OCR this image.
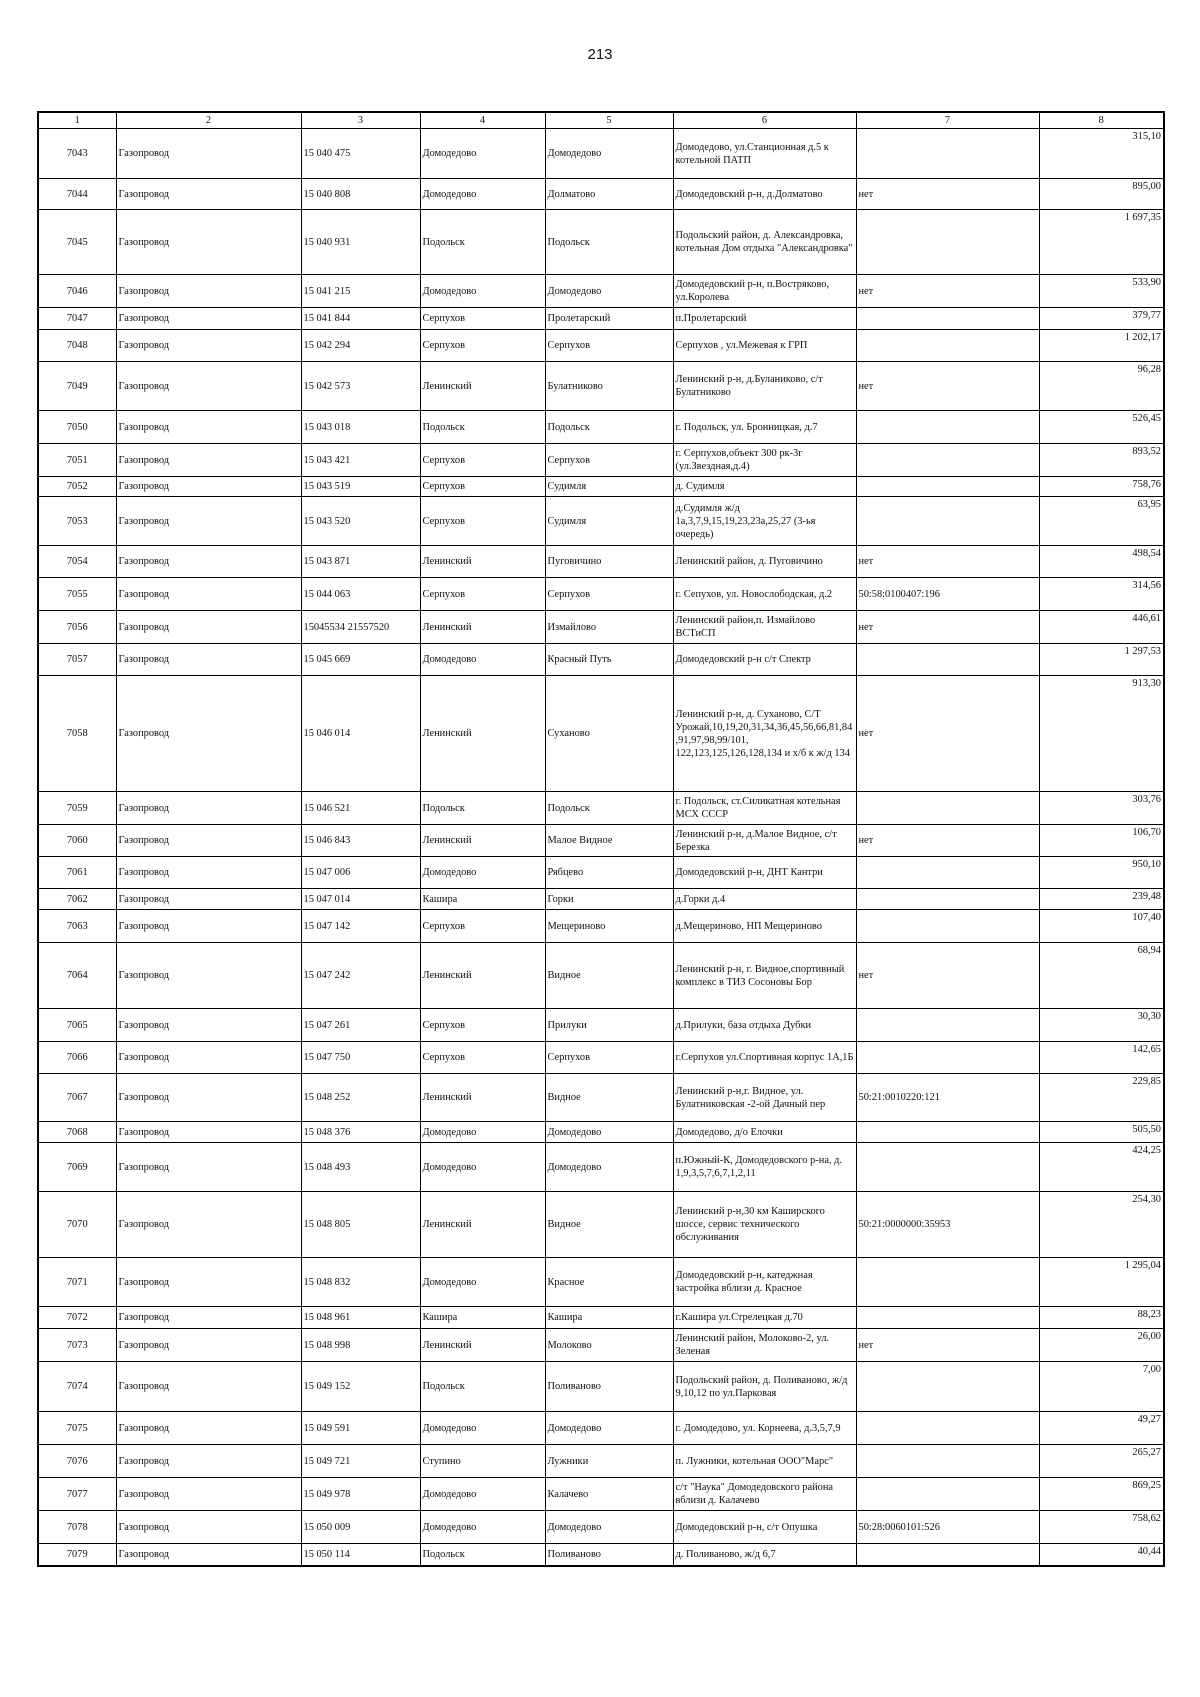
213
1	2	3	4	5	6	7	8
7043	Газопровод	15 040 475	Домодедово	Домодедово	Домодедово, ул.Станционная д.5 к котельной ПАТП		315,10
7044	Газопровод	15 040 808	Домодедово	Долматово	Домодедовский р-н, д.Долматово	нет	895,00
7045	Газопровод	15 040 931	Подольск	Подольск	Подольский район, д. Александровка, котельная Дом отдыха "Александровка"		1 697,35
7046	Газопровод	15 041 215	Домодедово	Домодедово	Домодедовский р-н, п.Востряково, ул.Королева	нет	533,90
7047	Газопровод	15 041 844	Серпухов	Пролетарский	п.Пролетарский		379,77
7048	Газопровод	15 042 294	Серпухов	Серпухов	Серпухов , ул.Межевая к ГРП		1 202,17
7049	Газопровод	15 042 573	Ленинский	Булатниково	Ленинский р-н, д.Буланиково, с/т Булатниково	нет	96,28
7050	Газопровод	15 043 018	Подольск	Подольск	г. Подольск, ул. Бронницкая, д.7		526,45
7051	Газопровод	15 043 421	Серпухов	Серпухов	г. Серпухов,объект 300 рк-3г (ул.Звездная,д.4)		893,52
7052	Газопровод	15 043 519	Серпухов	Судимля	д. Судимля		758,76
7053	Газопровод	15 043 520	Серпухов	Судимля	д.Судимля ж/д 1а,3,7,9,15,19,23,23а,25,27 (3-ья очередь)		63,95
7054	Газопровод	15 043 871	Ленинский	Пуговичино	Ленинский район, д. Пуговичино	нет	498,54
7055	Газопровод	15 044 063	Серпухов	Серпухов	г. Сепухов, ул. Новослободская, д.2	50:58:0100407:196	314,56
7056	Газопровод	15045534 21557520	Ленинский	Измайлово	Ленинский район,п. Измайлово ВСТиСП	нет	446,61
7057	Газопровод	15 045 669	Домодедово	Красный Путь	Домодедовский р-н с/т Спектр		1 297,53
7058	Газопровод	15 046 014	Ленинский	Суханово	Ленинский р-н, д. Суханово, С/Т Урожай,10,19,20,31,34,36,45,56,66,81,84,91,97,98,99/101, 122,123,125,126,128,134 и х/б к ж/д 134	нет	913,30
7059	Газопровод	15 046 521	Подольск	Подольск	г. Подольск, ст.Силикатная котельная МСХ СССР		303,76
7060	Газопровод	15 046 843	Ленинский	Малое Видное	Ленинский р-н, д.Малое Видное, с/т Березка	нет	106,70
7061	Газопровод	15 047 006	Домодедово	Рябцево	Домодедовский р-н, ДНТ Кантри		950,10
7062	Газопровод	15 047 014	Кашира	Горки	д.Горки д.4		239,48
7063	Газопровод	15 047 142	Серпухов	Мещериново	д.Мещериново, НП Мещериново		107,40
7064	Газопровод	15 047 242	Ленинский	Видное	Ленинский р-н, г. Видное,спортивный комплекс в ТИЗ Сосоновы Бор	нет	68,94
7065	Газопровод	15 047 261	Серпухов	Прилуки	д.Прилуки, база отдыха Дубки		30,30
7066	Газопровод	15 047 750	Серпухов	Серпухов	г.Серпухов ул.Спортивная корпус 1А,1Б		142,65
7067	Газопровод	15 048 252	Ленинский	Видное	Ленинский р-н,г. Видное, ул. Булатниковская -2-ой Дачный пер	50:21:0010220:121	229,85
7068	Газопровод	15 048 376	Домодедово	Домодедово	Домодедово, д/о Елочки		505,50
7069	Газопровод	15 048 493	Домодедово	Домодедово	п.Южный-К, Домодедовского р-на, д. 1,9,3,5,7,6,7,1,2,11		424,25
7070	Газопровод	15 048 805	Ленинский	Видное	Ленинский р-н,30 км Каширского шоссе, сервис технического обслуживания	50:21:0000000:35953	254,30
7071	Газопровод	15 048 832	Домодедово	Красное	Домодедовский р-н, катеджная застройка вблизи д. Красное		1 295,04
7072	Газопровод	15 048 961	Кашира	Кашира	г.Кашира ул.Стрелецкая д.70		88,23
7073	Газопровод	15 048 998	Ленинский	Молоково	Ленинский район, Молоково-2, ул. Зеленая	нет	26,00
7074	Газопровод	15 049 152	Подольск	Поливаново	Подольский район, д. Поливаново, ж/д 9,10,12 по ул.Парковая		7,00
7075	Газопровод	15 049 591	Домодедово	Домодедово	г. Домодедово, ул. Корнеева, д.3,5,7,9		49,27
7076	Газопровод	15 049 721	Ступино	Лужники	п. Лужники, котельная ООО"Марс"		265,27
7077	Газопровод	15 049 978	Домодедово	Калачево	с/т "Наука" Домодедовского района вблизи д. Калачево		869,25
7078	Газопровод	15 050 009	Домодедово	Домодедово	Домодедовский р-н, с/т Опушка	50:28:0060101:526	758,62
7079	Газопровод	15 050 114	Подольск	Поливаново	д. Поливаново, ж/д 6,7		40,44
